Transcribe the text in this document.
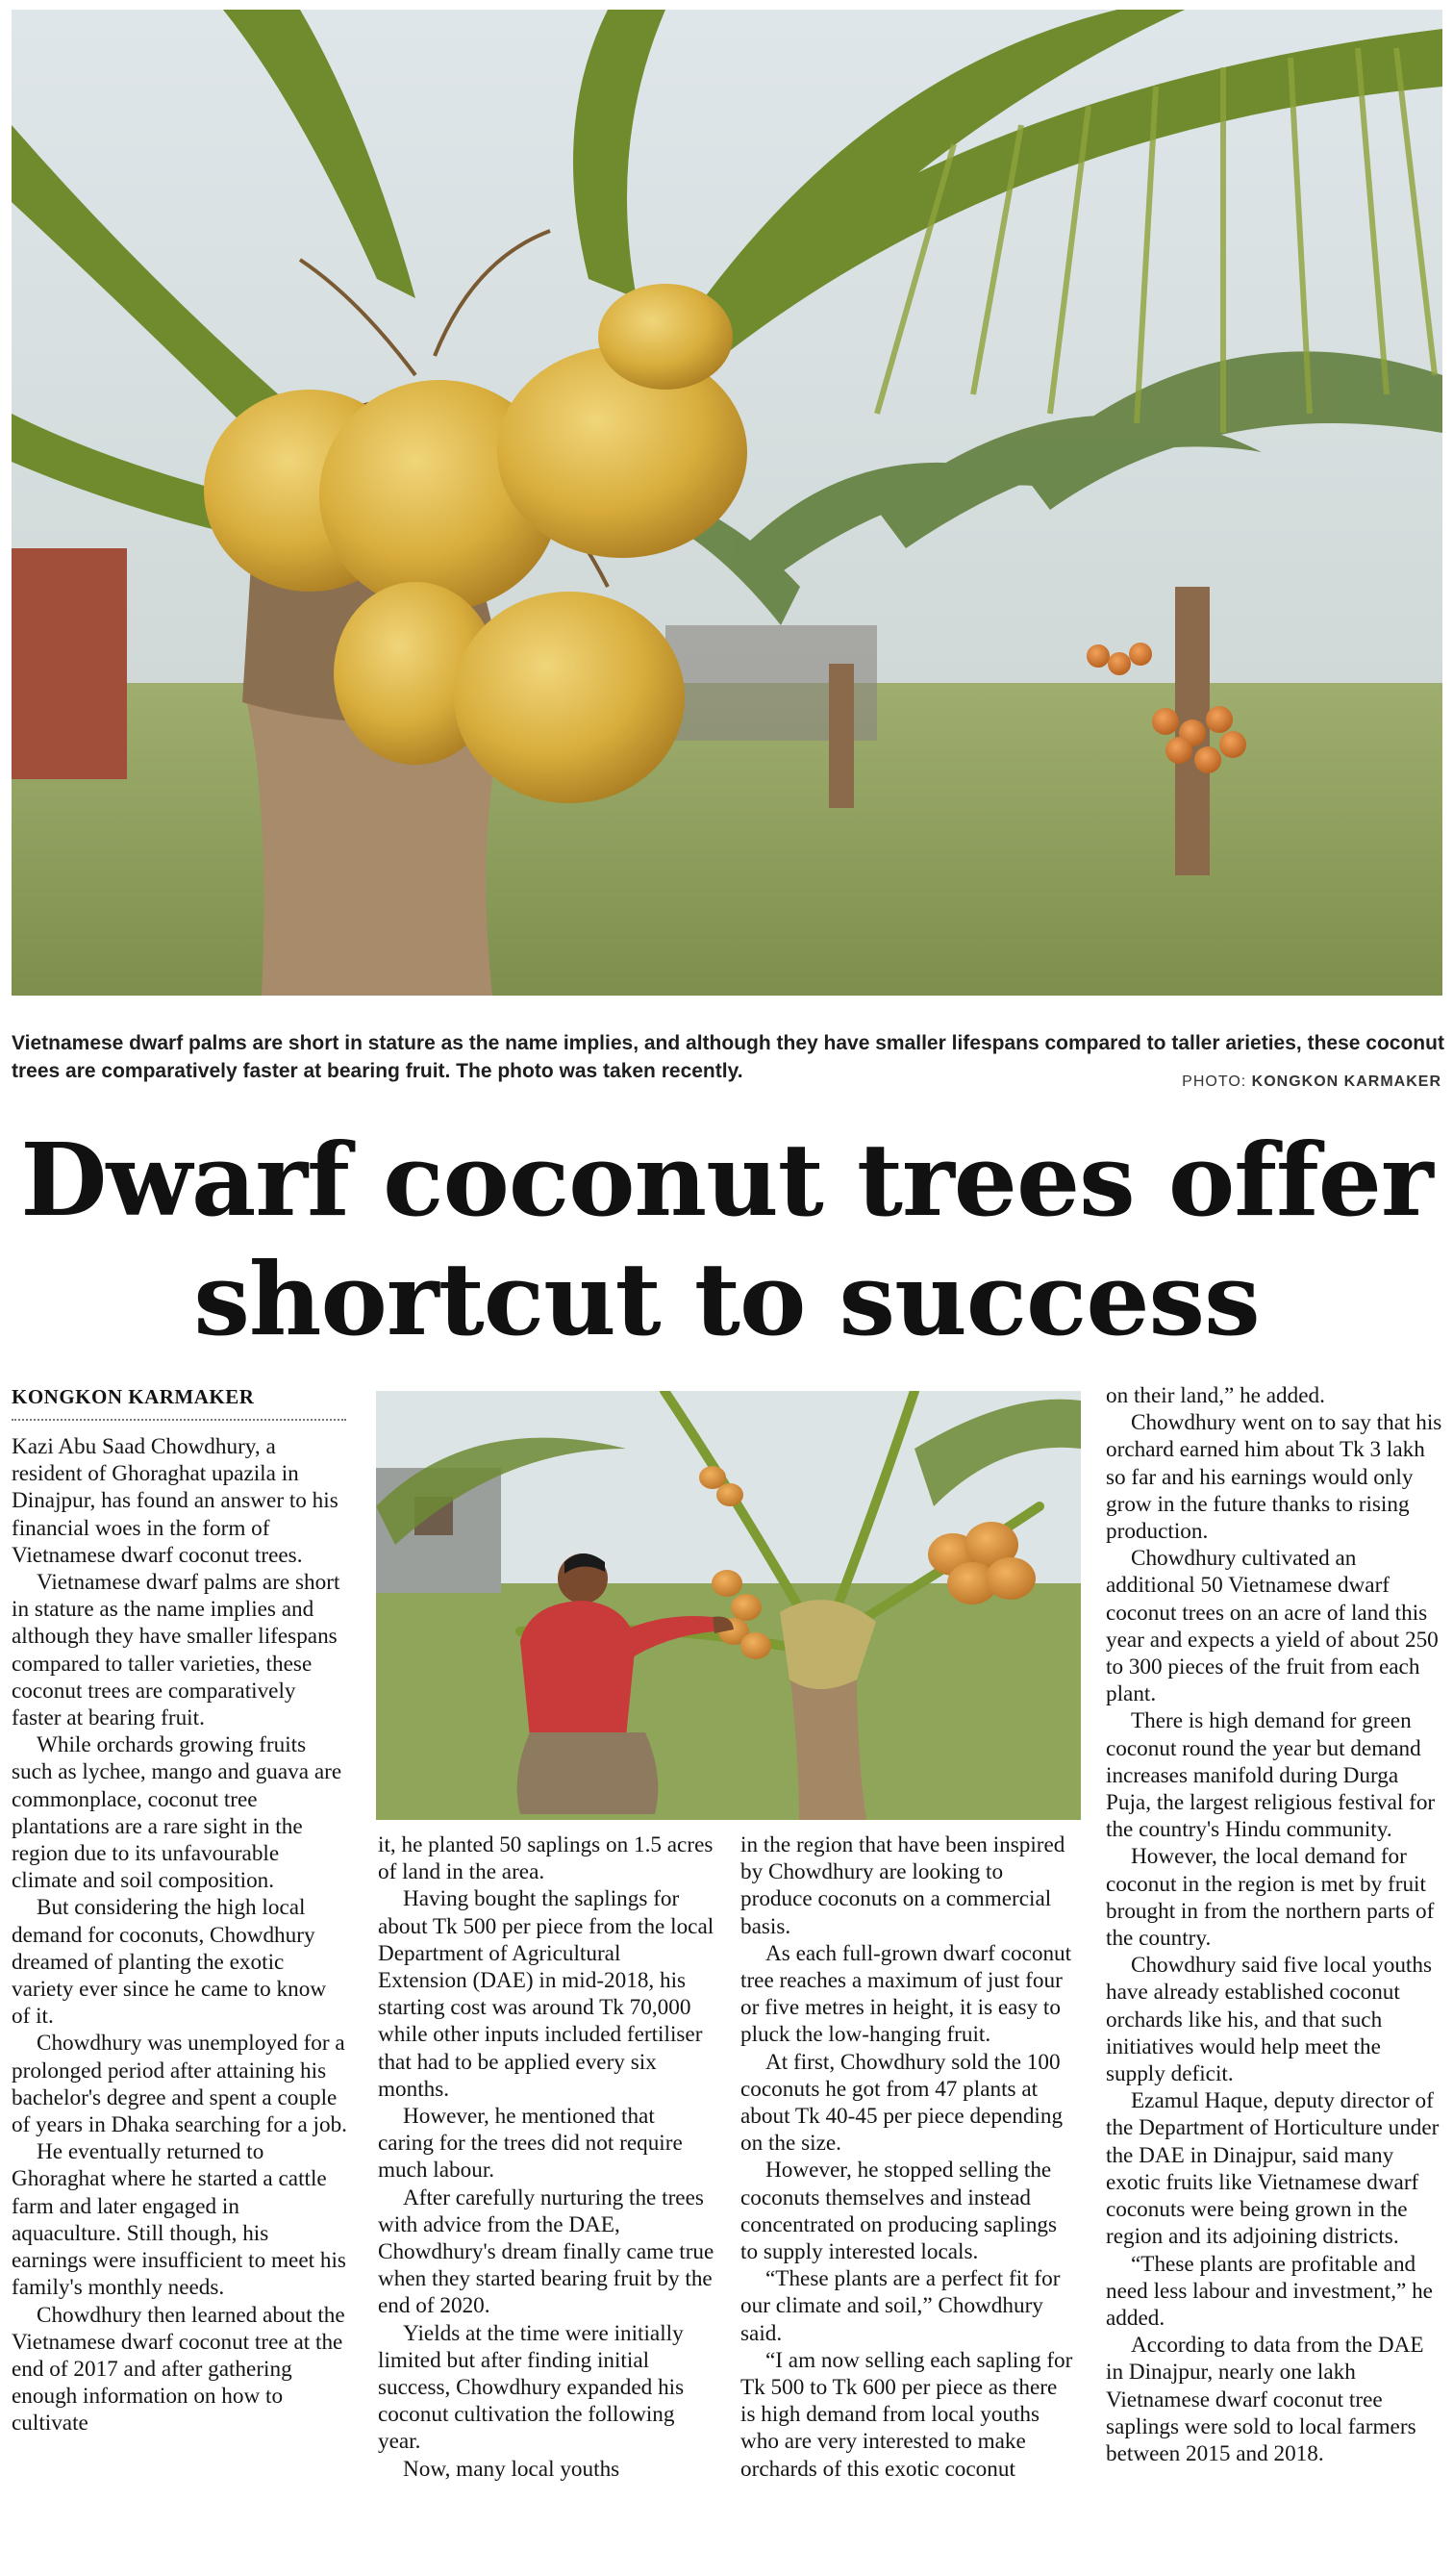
Vietnamese dwarf palms are short in stature as the name implies, and although they have smaller lifespans compared to taller arieties, these coconut trees are comparatively faster at bearing fruit. The photo was taken recently.	PHOTO: KONGKON KARMAKER
Dwarf coconut trees offer
shortcut to success
KONGKON KARMAKER

Kazi Abu Saad Chowdhury, a resident of Ghoraghat upazila in Dinajpur, has found an answer to his financial woes in the form of Vietnamese dwarf coconut trees.

Vietnamese dwarf palms are short in stature as the name implies and although they have smaller lifespans compared to taller varieties, these coconut trees are comparatively faster at bearing fruit.

While orchards growing fruits such as lychee, mango and guava are commonplace, coconut tree plantations are a rare sight in the region due to its unfavourable climate and soil composition.

But considering the high local demand for coconuts, Chowdhury dreamed of planting the exotic variety ever since he came to know of it.

Chowdhury was unemployed for a prolonged period after attaining his bachelor's degree and spent a couple of years in Dhaka searching for a job.

He eventually returned to Ghoraghat where he started a cattle farm and later engaged in aquaculture. Still though, his earnings were insufficient to meet his family's monthly needs.

Chowdhury then learned about the Vietnamese dwarf coconut tree at the end of 2017 and after gathering enough information on how to cultivate

it, he planted 50 saplings on 1.5 acres of land in the area.

Having bought the saplings for about Tk 500 per piece from the local Department of Agricultural Extension (DAE) in mid-2018, his starting cost was around Tk 70,000 while other inputs included fertiliser that had to be applied every six months.

However, he mentioned that caring for the trees did not require much labour.

After carefully nurturing the trees with advice from the DAE, Chowdhury's dream finally came true when they started bearing fruit by the end of 2020.

Yields at the time were initially limited but after finding initial success, Chowdhury expanded his coconut cultivation the following year.

Now, many local youths

in the region that have been inspired by Chowdhury are looking to produce coconuts on a commercial basis.

As each full-grown dwarf coconut tree reaches a maximum of just four or five metres in height, it is easy to pluck the low-hanging fruit.

At first, Chowdhury sold the 100 coconuts he got from 47 plants at about Tk 40-45 per piece depending on the size.

However, he stopped selling the coconuts themselves and instead concentrated on producing saplings to supply interested locals.

“These plants are a perfect fit for our climate and soil,” Chowdhury said.

“I am now selling each sapling for Tk 500 to Tk 600 per piece as there is high demand from local youths who are very interested to make orchards of this exotic coconut

on their land,” he added.

Chowdhury went on to say that his orchard earned him about Tk 3 lakh so far and his earnings would only grow in the future thanks to rising production.

Chowdhury cultivated an additional 50 Vietnamese dwarf coconut trees on an acre of land this year and expects a yield of about 250 to 300 pieces of the fruit from each plant.

There is high demand for green coconut round the year but demand increases manifold during Durga Puja, the largest religious festival for the country's Hindu community.

However, the local demand for coconut in the region is met by fruit brought in from the northern parts of the country.

Chowdhury said five local youths have already established coconut orchards like his, and that such initiatives would help meet the supply deficit.

Ezamul Haque, deputy director of the Department of Horticulture under the DAE in Dinajpur, said many exotic fruits like Vietnamese dwarf coconuts were being grown in the region and its adjoining districts.

“These plants are profitable and need less labour and investment,” he added.

According to data from the DAE in Dinajpur, nearly one lakh Vietnamese dwarf coconut tree saplings were sold to local farmers between 2015 and 2018.
